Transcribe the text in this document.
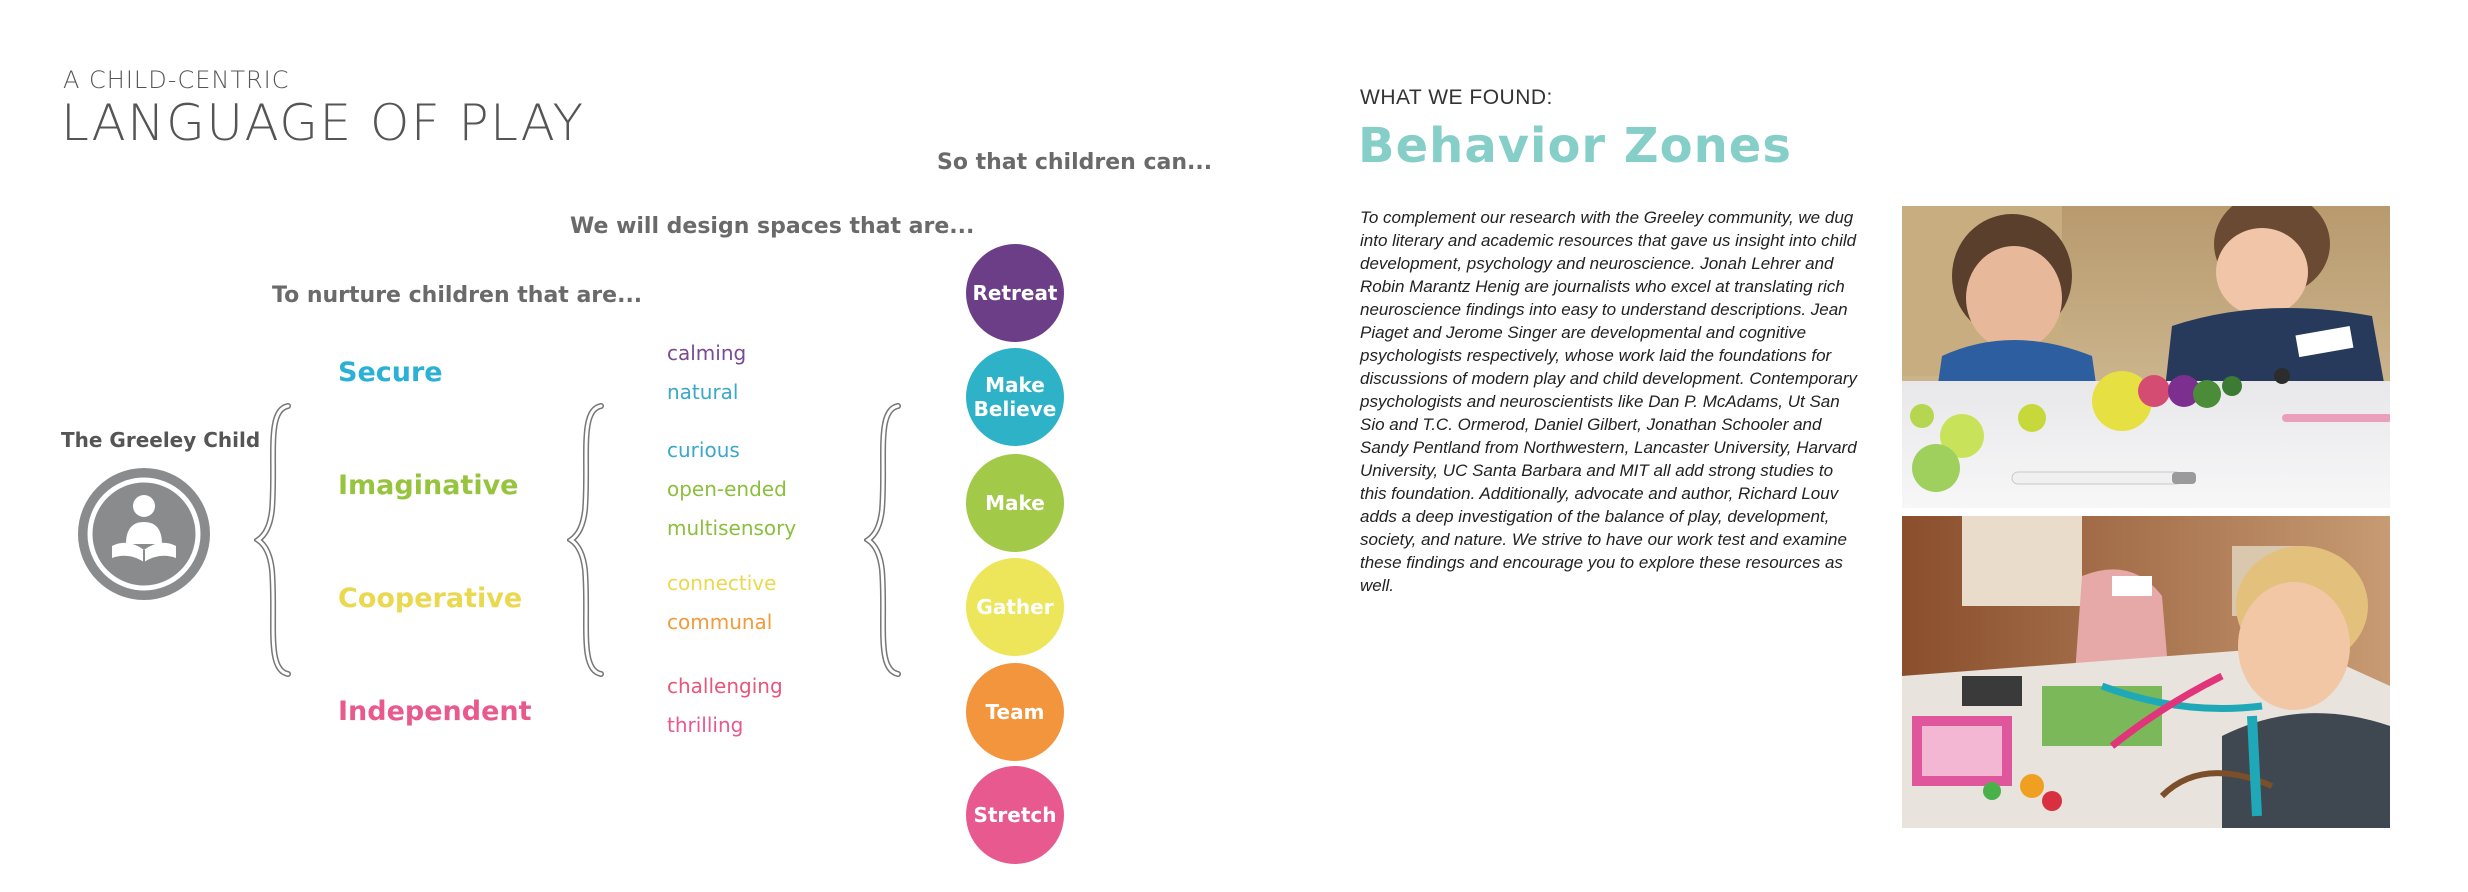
A CHILD-CENTRIC
LANGUAGE OF PLAY
So that children can...
We will design spaces that are...
To nurture children that are...
The Greeley Child
Secure
Imaginative
Cooperative
Independent
calming
natural
curious
open-ended
multisensory
connective
communal
challenging
thrilling
Retreat
Make Believe
Make
Gather
Team
Stretch
WHAT WE FOUND:
Behavior Zones
To complement our research with the Greeley community, we dug into literary and academic resources that gave us insight into child development, psychology and neuroscience. Jonah Lehrer and Robin Marantz Henig are journalists who excel at translating rich neuroscience findings into easy to understand descriptions. Jean Piaget and Jerome Singer are developmental and cognitive psychologists respectively, whose work laid the foundations for discussions of modern play and child development. Contemporary psychologists and neuroscientists like Dan P. McAdams, Ut San Sio and T.C. Ormerod, Daniel Gilbert, Jonathan Schooler and Sandy Pentland from Northwestern, Lancaster University, Harvard University, UC Santa Barbara and MIT all add strong studies to this foundation. Additionally, advocate and author, Richard Louv adds a deep investigation of the balance of play, development, society, and nature. We strive to have our work test and examine these findings and encourage you to explore these resources as well.
